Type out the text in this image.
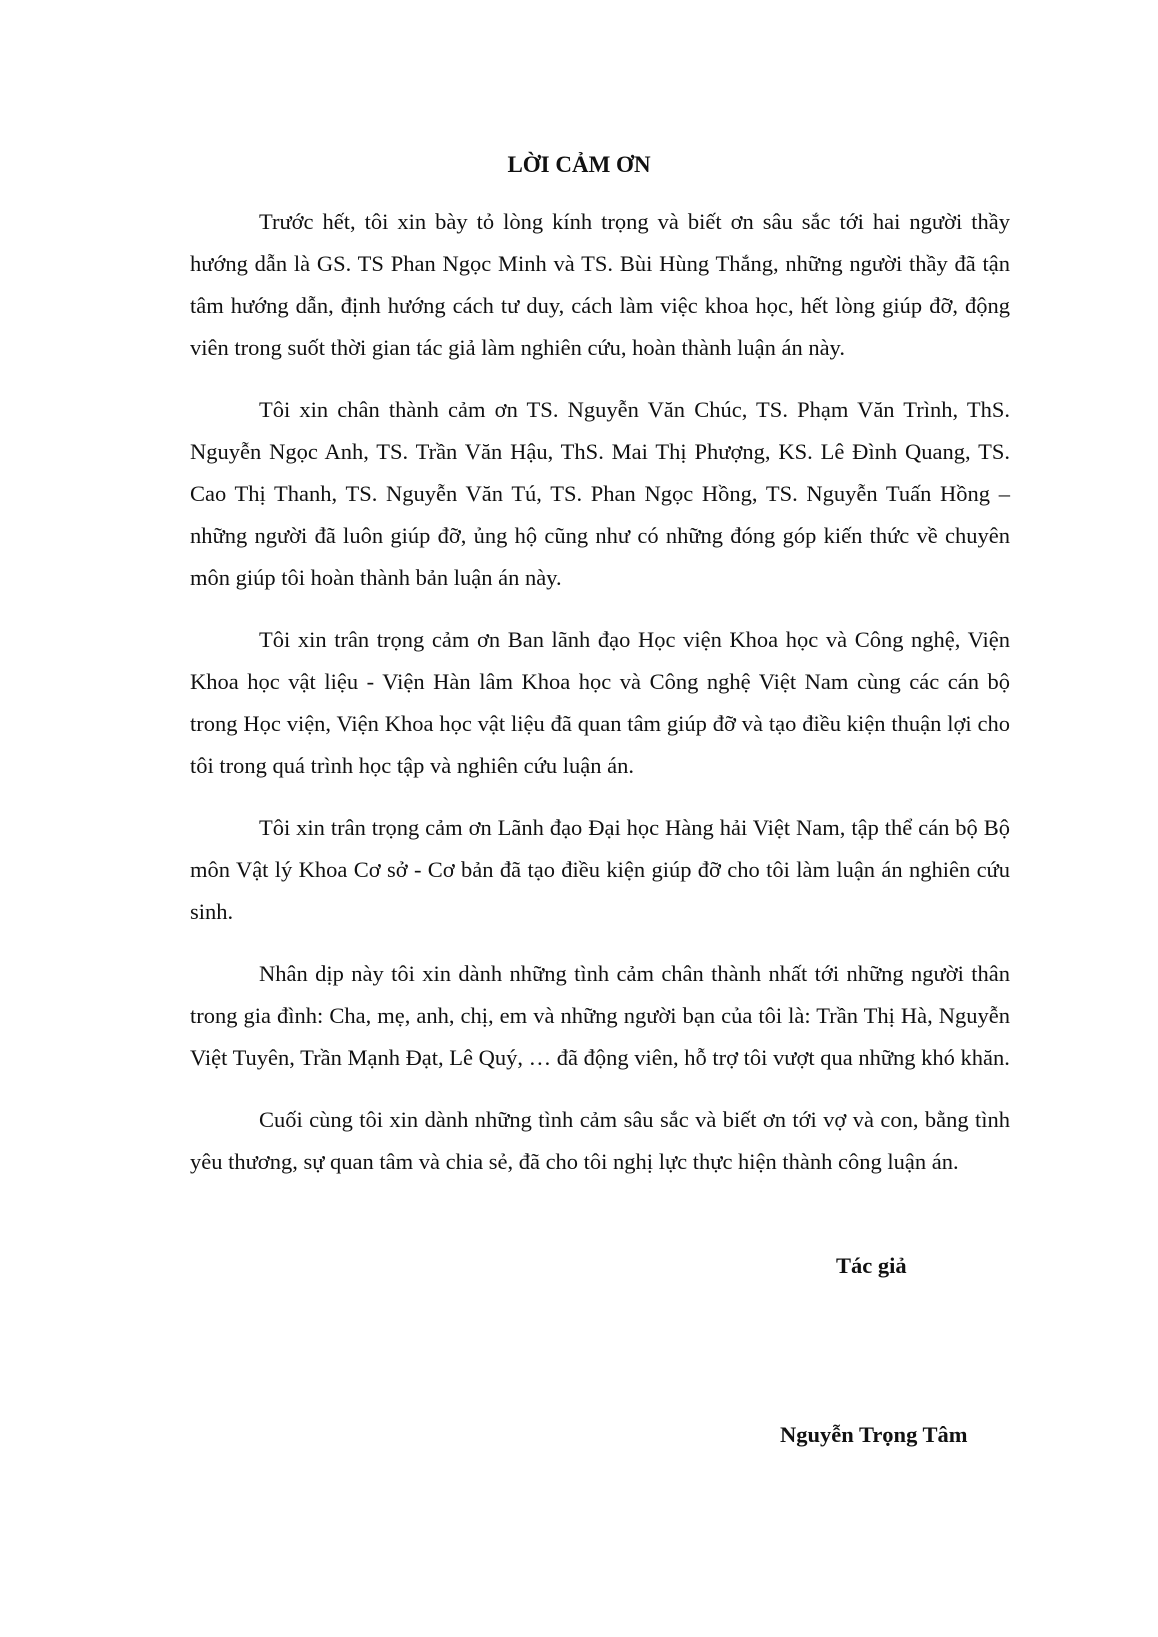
LỜI CẢM ƠN

Trước hết, tôi xin bày tỏ lòng kính trọng và biết ơn sâu sắc tới hai người thầy hướng dẫn là GS. TS Phan Ngọc Minh và TS. Bùi Hùng Thắng, những người thầy đã tận tâm hướng dẫn, định hướng cách tư duy, cách làm việc khoa học, hết lòng giúp đỡ, động viên trong suốt thời gian tác giả làm nghiên cứu, hoàn thành luận án này.

Tôi xin chân thành cảm ơn TS. Nguyễn Văn Chúc, TS. Phạm Văn Trình, ThS. Nguyễn Ngọc Anh, TS. Trần Văn Hậu, ThS. Mai Thị Phượng, KS. Lê Đình Quang, TS. Cao Thị Thanh, TS. Nguyễn Văn Tú, TS. Phan Ngọc Hồng, TS. Nguyễn Tuấn Hồng – những người đã luôn giúp đỡ, ủng hộ cũng như có những đóng góp kiến thức về chuyên môn giúp tôi hoàn thành bản luận án này.

Tôi xin trân trọng cảm ơn Ban lãnh đạo Học viện Khoa học và Công nghệ, Viện Khoa học vật liệu - Viện Hàn lâm Khoa học và Công nghệ Việt Nam cùng các cán bộ trong Học viện, Viện Khoa học vật liệu đã quan tâm giúp đỡ và tạo điều kiện thuận lợi cho tôi trong quá trình học tập và nghiên cứu luận án.

Tôi xin trân trọng cảm ơn Lãnh đạo Đại học Hàng hải Việt Nam, tập thể cán bộ Bộ môn Vật lý Khoa Cơ sở - Cơ bản đã tạo điều kiện giúp đỡ cho tôi làm luận án nghiên cứu sinh.

Nhân dịp này tôi xin dành những tình cảm chân thành nhất tới những người thân trong gia đình: Cha, mẹ, anh, chị, em và những người bạn của tôi là: Trần Thị Hà, Nguyễn Việt Tuyên, Trần Mạnh Đạt, Lê Quý, … đã động viên, hỗ trợ tôi vượt qua những khó khăn.

Cuối cùng tôi xin dành những tình cảm sâu sắc và biết ơn tới vợ và con, bằng tình yêu thương, sự quan tâm và chia sẻ, đã cho tôi nghị lực thực hiện thành công luận án.

Tác giả

Nguyễn Trọng Tâm
